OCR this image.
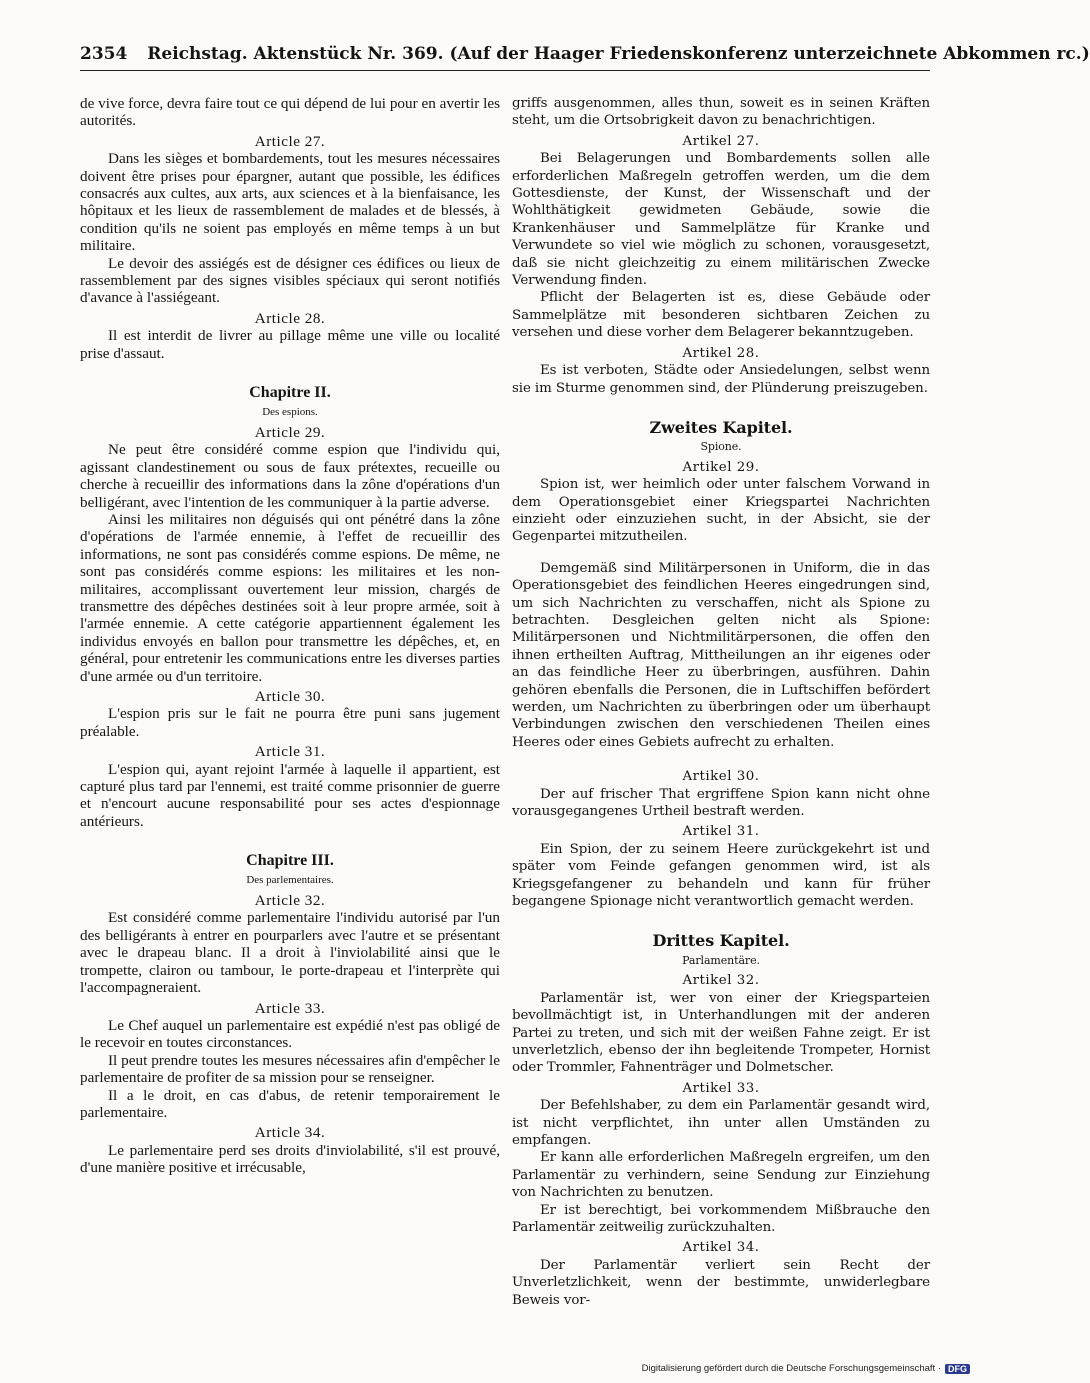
2354 Reichstag. Aktenstück Nr. 369. (Auf der Haager Friedenskonferenz unterzeichnete Abkommen rc.)

de vive force, devra faire tout ce qui dépend de lui pour en avertir les autorités.

Article 27.

Dans les sièges et bombardements, tout les mesures nécessaires doivent être prises pour épargner, autant que possible, les édifices consacrés aux cultes, aux arts, aux sciences et à la bienfaisance, les hôpitaux et les lieux de rassemblement de malades et de blessés, à condition qu'ils ne soient pas employés en même temps à un but militaire.

Le devoir des assiégés est de désigner ces édifices ou lieux de rassemblement par des signes visibles spéciaux qui seront notifiés d'avance à l'assiégeant.

Article 28.

Il est interdit de livrer au pillage même une ville ou localité prise d'assaut.

Chapitre II.
Des espions.
Article 29.

Ne peut être considéré comme espion que l'individu qui, agissant clandestinement ou sous de faux prétextes, recueille ou cherche à recueillir des informations dans la zône d'opérations d'un belligérant, avec l'intention de les communiquer à la partie adverse.

Ainsi les militaires non déguisés qui ont pénétré dans la zône d'opérations de l'armée ennemie, à l'effet de recueillir des informations, ne sont pas considérés comme espions. De même, ne sont pas considérés comme espions: les militaires et les non-militaires, accomplissant ouvertement leur mission, chargés de transmettre des dépêches destinées soit à leur propre armée, soit à l'armée ennemie. A cette catégorie appartiennent également les individus envoyés en ballon pour transmettre les dépêches, et, en général, pour entretenir les communications entre les diverses parties d'une armée ou d'un territoire.

Article 30.

L'espion pris sur le fait ne pourra être puni sans jugement préalable.

Article 31.

L'espion qui, ayant rejoint l'armée à laquelle il appartient, est capturé plus tard par l'ennemi, est traité comme prisonnier de guerre et n'encourt aucune responsabilité pour ses actes d'espionnage antérieurs.

Chapitre III.
Des parlementaires.
Article 32.

Est considéré comme parlementaire l'individu autorisé par l'un des belligérants à entrer en pourparlers avec l'autre et se présentant avec le drapeau blanc. Il a droit à l'inviolabilité ainsi que le trompette, clairon ou tambour, le porte-drapeau et l'interprète qui l'accompagneraient.

Article 33.

Le Chef auquel un parlementaire est expédié n'est pas obligé de le recevoir en toutes circonstances.

Il peut prendre toutes les mesures nécessaires afin d'empêcher le parlementaire de profiter de sa mission pour se renseigner.

Il a le droit, en cas d'abus, de retenir temporairement le parlementaire.

Article 34.

Le parlementaire perd ses droits d'inviolabilité, s'il est prouvé, d'une manière positive et irrécusable,

griffs ausgenommen, alles thun, soweit es in seinen Kräften steht, um die Ortsobrigkeit davon zu benachrichtigen.

Artikel 27.

Bei Belagerungen und Bombardements sollen alle erforderlichen Maßregeln getroffen werden, um die dem Gottesdienste, der Kunst, der Wissenschaft und der Wohlthätigkeit gewidmeten Gebäude, sowie die Krankenhäuser und Sammelplätze für Kranke und Verwundete so viel wie möglich zu schonen, vorausgesetzt, daß sie nicht gleichzeitig zu einem militärischen Zwecke Verwendung finden.

Pflicht der Belagerten ist es, diese Gebäude oder Sammelplätze mit besonderen sichtbaren Zeichen zu versehen und diese vorher dem Belagerer bekanntzugeben.

Artikel 28.

Es ist verboten, Städte oder Ansiedelungen, selbst wenn sie im Sturme genommen sind, der Plünderung preiszugeben.

Zweites Kapitel.
Spione.
Artikel 29.

Spion ist, wer heimlich oder unter falschem Vorwand in dem Operationsgebiet einer Kriegspartei Nachrichten einzieht oder einzuziehen sucht, in der Absicht, sie der Gegenpartei mitzutheilen.

Demgemäß sind Militärpersonen in Uniform, die in das Operationsgebiet des feindlichen Heeres eingedrungen sind, um sich Nachrichten zu verschaffen, nicht als Spione zu betrachten. Desgleichen gelten nicht als Spione: Militärpersonen und Nichtmilitärpersonen, die offen den ihnen ertheilten Auftrag, Mittheilungen an ihr eigenes oder an das feindliche Heer zu überbringen, ausführen. Dahin gehören ebenfalls die Personen, die in Luftschiffen befördert werden, um Nachrichten zu überbringen oder um überhaupt Verbindungen zwischen den verschiedenen Theilen eines Heeres oder eines Gebiets aufrecht zu erhalten.

Artikel 30.

Der auf frischer That ergriffene Spion kann nicht ohne vorausgegangenes Urtheil bestraft werden.

Artikel 31.

Ein Spion, der zu seinem Heere zurückgekehrt ist und später vom Feinde gefangen genommen wird, ist als Kriegsgefangener zu behandeln und kann für früher begangene Spionage nicht verantwortlich gemacht werden.

Drittes Kapitel.
Parlamentäre.
Artikel 32.

Parlamentär ist, wer von einer der Kriegsparteien bevollmächtigt ist, in Unterhandlungen mit der anderen Partei zu treten, und sich mit der weißen Fahne zeigt. Er ist unverletzlich, ebenso der ihn begleitende Trompeter, Hornist oder Trommler, Fahnenträger und Dolmetscher.

Artikel 33.

Der Befehlshaber, zu dem ein Parlamentär gesandt wird, ist nicht verpflichtet, ihn unter allen Umständen zu empfangen.

Er kann alle erforderlichen Maßregeln ergreifen, um den Parlamentär zu verhindern, seine Sendung zur Einziehung von Nachrichten zu benutzen.

Er ist berechtigt, bei vorkommendem Mißbrauche den Parlamentär zeitweilig zurückzuhalten.

Artikel 34.

Der Parlamentär verliert sein Recht der Unverletzlichkeit, wenn der bestimmte, unwiderlegbare Beweis vor-

Digitalisierung gefördert durch die Deutsche Forschungsgemeinschaft · DFG
